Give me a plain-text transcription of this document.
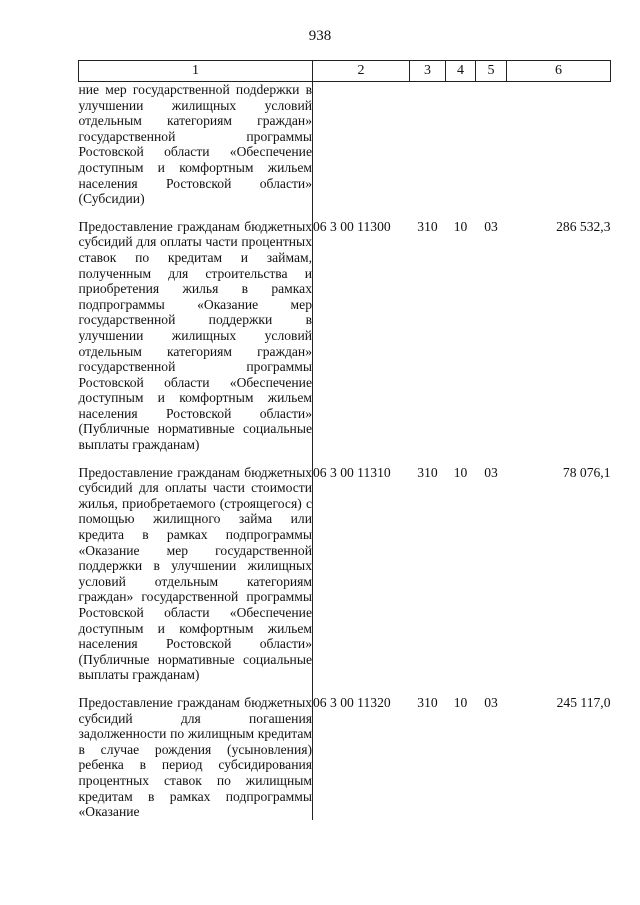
938
1	2	3	4	5	6
ние мер государственной подdержки в улучшении жилищных условий отдельным категориям граждан» государственной программы Ростовской области «Обеспечение доступным и комфортным жильем населения Ростовской области» (Субсидии)					

Предоставление гражданам бюджетных субсидий для оплаты части процентных ставок по кредитам и займам, полученным для строительства и приобретения жилья в рамках подпрограммы «Оказание мер государственной поддержки в улучшении жилищных условий отдельным категориям граждан» государственной программы Ростовской области «Обеспечение доступным и комфортным жильем населения Ростовской области» (Публичные нормативные социальные выплаты гражданам)	06 3 00 11300	310	10	03	286 532,3

Предоставление гражданам бюджетных субсидий для оплаты части стоимости жилья, приобретаемого (строящегося) с помощью жилищного займа или кредита в рамках подпрограммы «Оказание мер государственной поддержки в улучшении жилищных условий отдельным категориям граждан» государственной программы Ростовской области «Обеспечение доступным и комфортным жильем населения Ростовской области» (Публичные нормативные социальные выплаты гражданам)	06 3 00 11310	310	10	03	78 076,1

Предоставление гражданам бюджетных субсидий для погашения задолженности по жилищным кредитам в случае рождения (усыновления) ребенка в период субсидирования процентных ставок по жилищным кредитам в рамках подпрограммы «Оказание	06 3 00 11320	310	10	03	245 117,0
